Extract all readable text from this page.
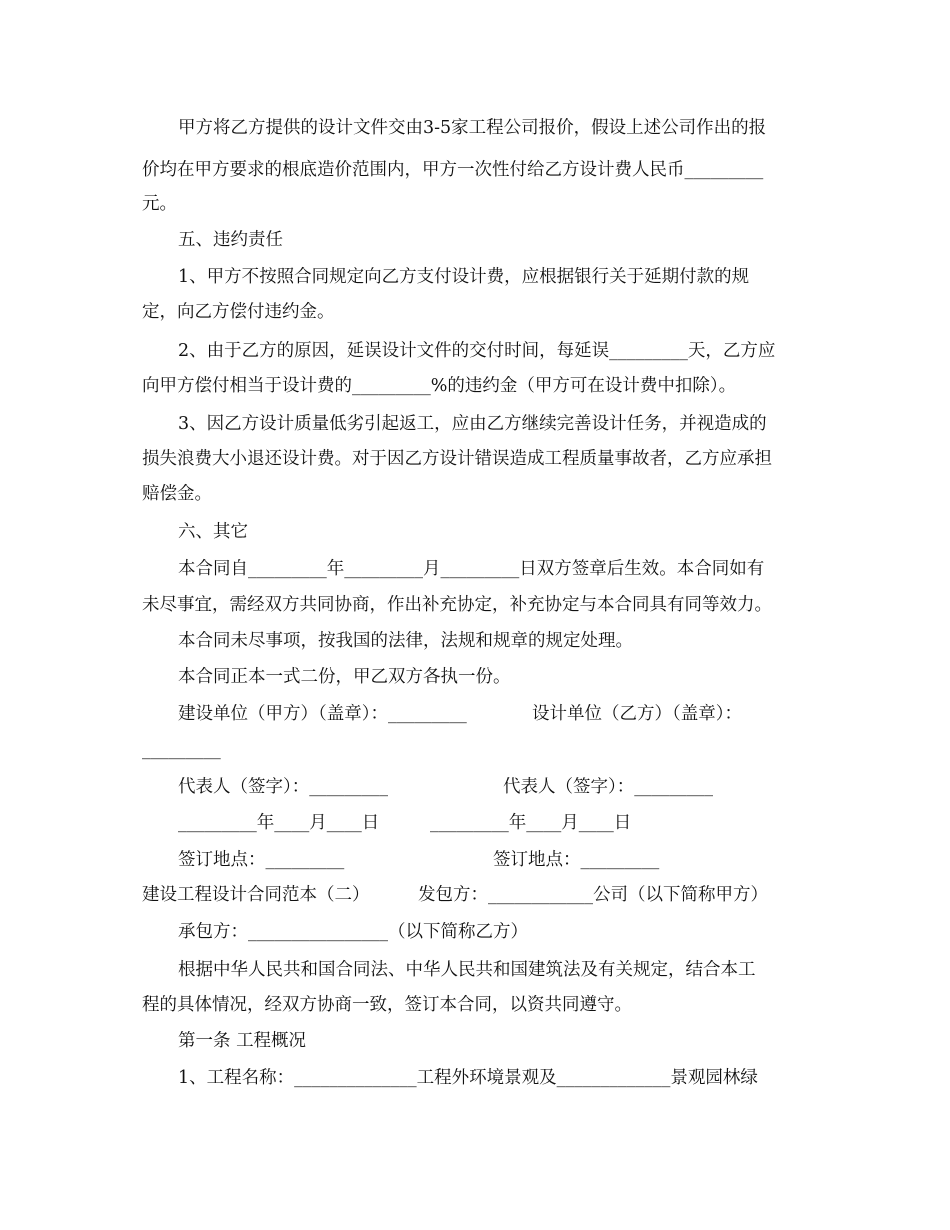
甲方将乙方提供的设计文件交由3-5家工程公司报价，假设上述公司作出的报
价均在甲方要求的根底造价范围内，甲方一次性付给乙方设计费人民币_________
元。
五、违约责任
1、甲方不按照合同规定向乙方支付设计费，应根据银行关于延期付款的规
定，向乙方偿付违约金。
2、由于乙方的原因，延误设计文件的交付时间，每延误_________天，乙方应
向甲方偿付相当于设计费的_________%的违约金（甲方可在设计费中扣除）。
3、因乙方设计质量低劣引起返工，应由乙方继续完善设计任务，并视造成的
损失浪费大小退还设计费。对于因乙方设计错误造成工程质量事故者，乙方应承担
赔偿金。
六、其它
本合同自_________年_________月_________日双方签章后生效。本合同如有
未尽事宜，需经双方共同协商，作出补充协定，补充协定与本合同具有同等效力。
本合同未尽事项，按我国的法律，法规和规章的规定处理。
本合同正本一式二份，甲乙双方各执一份。
建设单位（甲方）（盖章）：_________	设计单位（乙方）（盖章）：
_________
代表人（签字）：_________	代表人（签字）：_________
_________年____月____日	_________年____月____日
签订地点：_________	签订地点：_________
建设工程设计合同范本（二）	发包方：____________公司（以下简称甲方）
承包方：________________（以下简称乙方）
根据中华人民共和国合同法、中华人民共和国建筑法及有关规定，结合本工
程的具体情况，经双方协商一致，签订本合同，以资共同遵守。
第一条 工程概况
1、工程名称：______________工程外环境景观及_____________景观园林绿
